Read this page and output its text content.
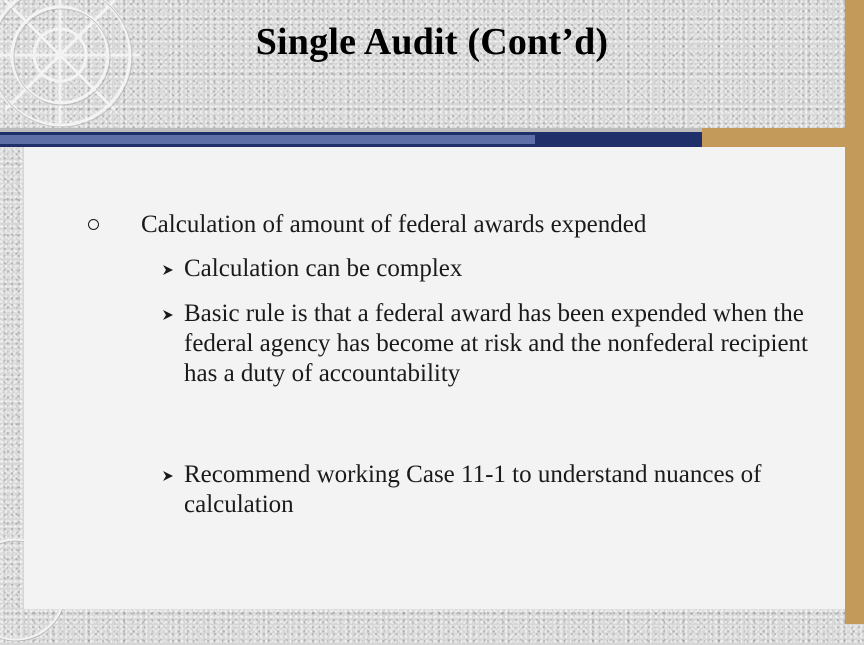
Single Audit (Cont’d)
Calculation of amount of federal awards expended
Calculation can be complex
Basic rule is that a federal award has been expended when the federal agency has become at risk and the nonfederal recipient has a duty of accountability
Recommend working Case 11-1 to understand nuances of calculation
